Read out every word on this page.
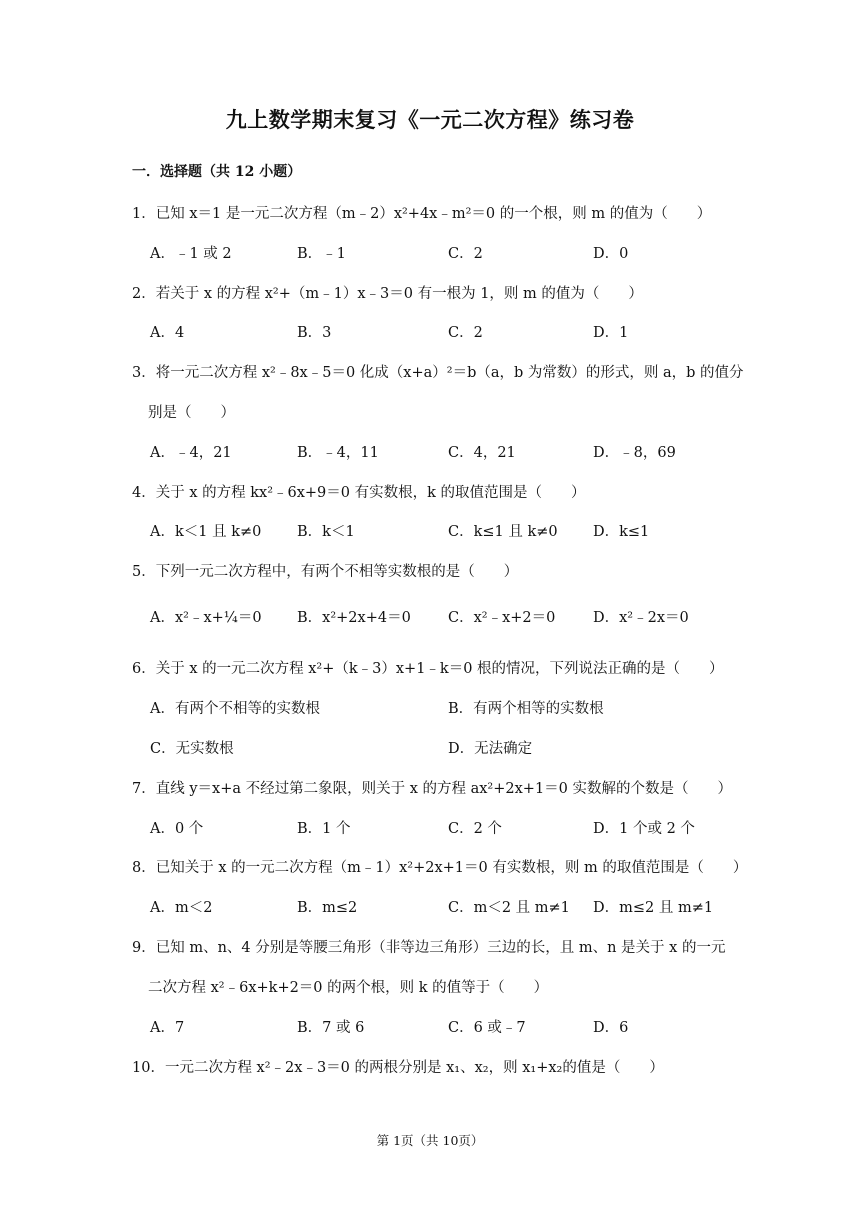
九上数学期末复习《一元二次方程》练习卷
一．选择题（共 12 小题）
1．已知 x＝1 是一元二次方程（m﹣2）x²+4x﹣m²＝0 的一个根，则 m 的值为（　　）
A．﹣1 或 2	B．﹣1	C．2	D．0
2．若关于 x 的方程 x²+（m﹣1）x﹣3＝0 有一根为 1，则 m 的值为（　　）
A．4	B．3	C．2	D．1
3．将一元二次方程 x²﹣8x﹣5＝0 化成（x+a）²＝b（a，b 为常数）的形式，则 a，b 的值分
别是（　　）
A．﹣4，21	B．﹣4，11	C．4，21	D．﹣8，69
4．关于 x 的方程 kx²﹣6x+9＝0 有实数根，k 的取值范围是（　　）
A．k＜1 且 k≠0 B．k＜1	C．k≤1 且 k≠0 D．k≤1
5．下列一元二次方程中，有两个不相等实数根的是（　　）
A．x²﹣x+¼＝0 B．x²+2x+4＝0	C．x²﹣x+2＝0	D．x²﹣2x＝0
6．关于 x 的一元二次方程 x²+（k﹣3）x+1﹣k＝0 根的情况，下列说法正确的是（　　）
A．有两个不相等的实数根	B．有两个相等的实数根
C．无实数根	D．无法确定
7．直线 y＝x+a 不经过第二象限，则关于 x 的方程 ax²+2x+1＝0 实数解的个数是（　　）
A．0 个	B．1 个	C．2 个	D．1 个或 2 个
8．已知关于 x 的一元二次方程（m﹣1）x²+2x+1＝0 有实数根，则 m 的取值范围是（　　）
A．m＜2	B．m≤2	C．m＜2 且 m≠1 D．m≤2 且 m≠1
9．已知 m、n、4 分别是等腰三角形（非等边三角形）三边的长，且 m、n 是关于 x 的一元
二次方程 x²﹣6x+k+2＝0 的两个根，则 k 的值等于（　　）
A．7	B．7 或 6	C．6 或﹣7	D．6
10．一元二次方程 x²﹣2x﹣3＝0 的两根分别是 x₁、x₂，则 x₁+x₂的值是（　　）
第 1页（共 10页）
